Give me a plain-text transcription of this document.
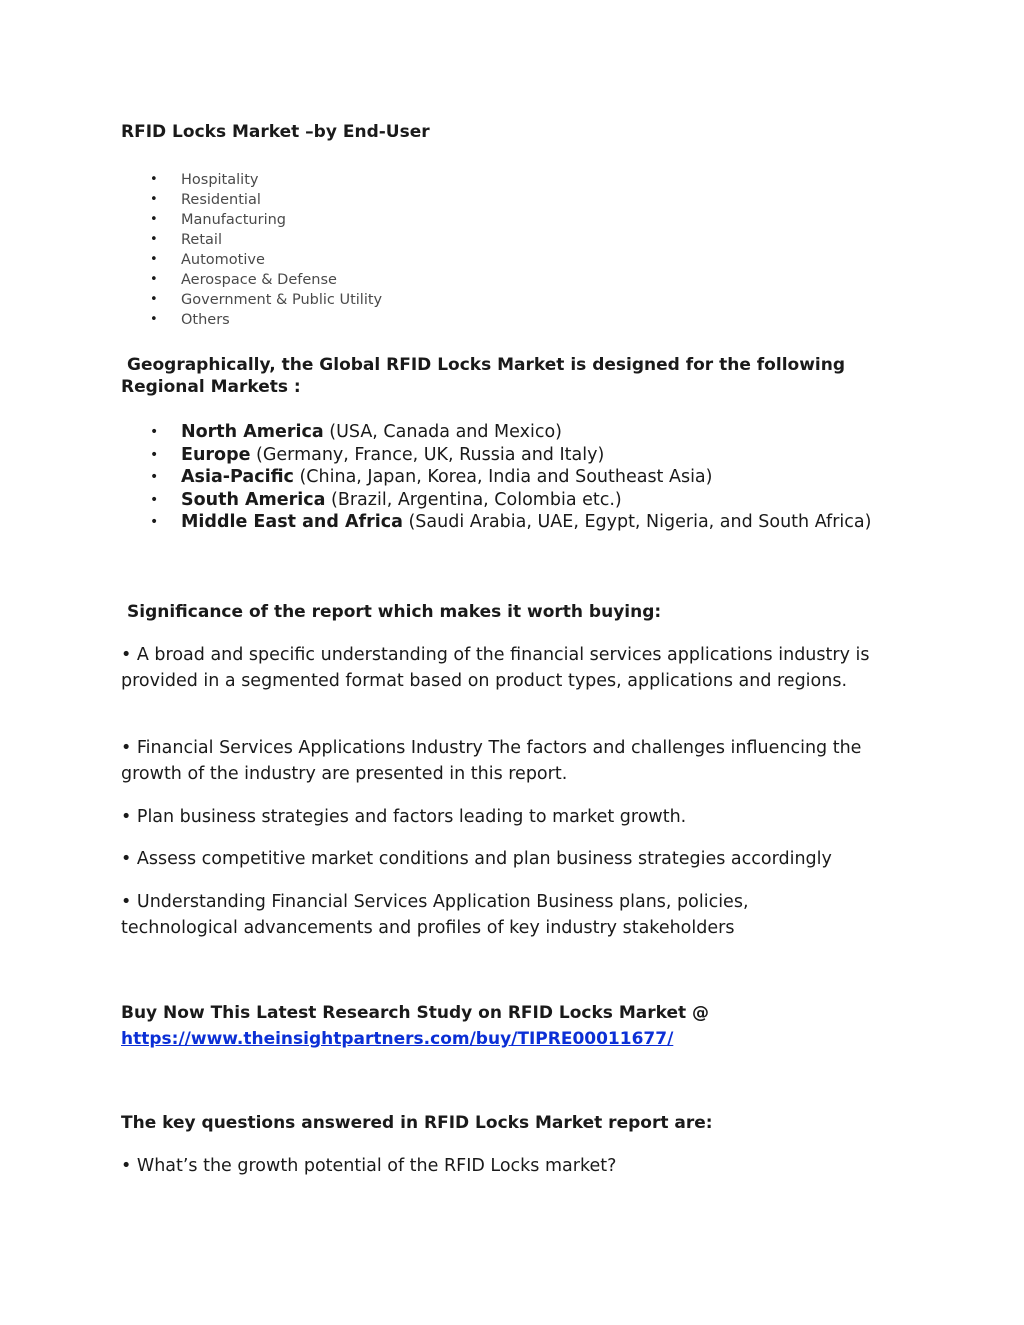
RFID Locks Market –by End-User
• Hospitality
• Residential
• Manufacturing
• Retail
• Automotive
• Aerospace & Defense
• Government & Public Utility
• Others
Geographically, the Global RFID Locks Market is designed for the following
Regional Markets :
• North America (USA, Canada and Mexico)
• Europe (Germany, France, UK, Russia and Italy)
• Asia-Pacific (China, Japan, Korea, India and Southeast Asia)
• South America (Brazil, Argentina, Colombia etc.)
• Middle East and Africa (Saudi Arabia, UAE, Egypt, Nigeria, and South Africa)
Significance of the report which makes it worth buying:

• A broad and specific understanding of the financial services applications industry is provided in a segmented format based on product types, applications and regions.

• Financial Services Applications Industry The factors and challenges influencing the growth of the industry are presented in this report.

• Plan business strategies and factors leading to market growth.

• Assess competitive market conditions and plan business strategies accordingly

• Understanding Financial Services Application Business plans, policies, technological advancements and profiles of key industry stakeholders

Buy Now This Latest Research Study on RFID Locks Market @
https://www.theinsightpartners.com/buy/TIPRE00011677/
The key questions answered in RFID Locks Market report are:

• What’s the growth potential of the RFID Locks market?
